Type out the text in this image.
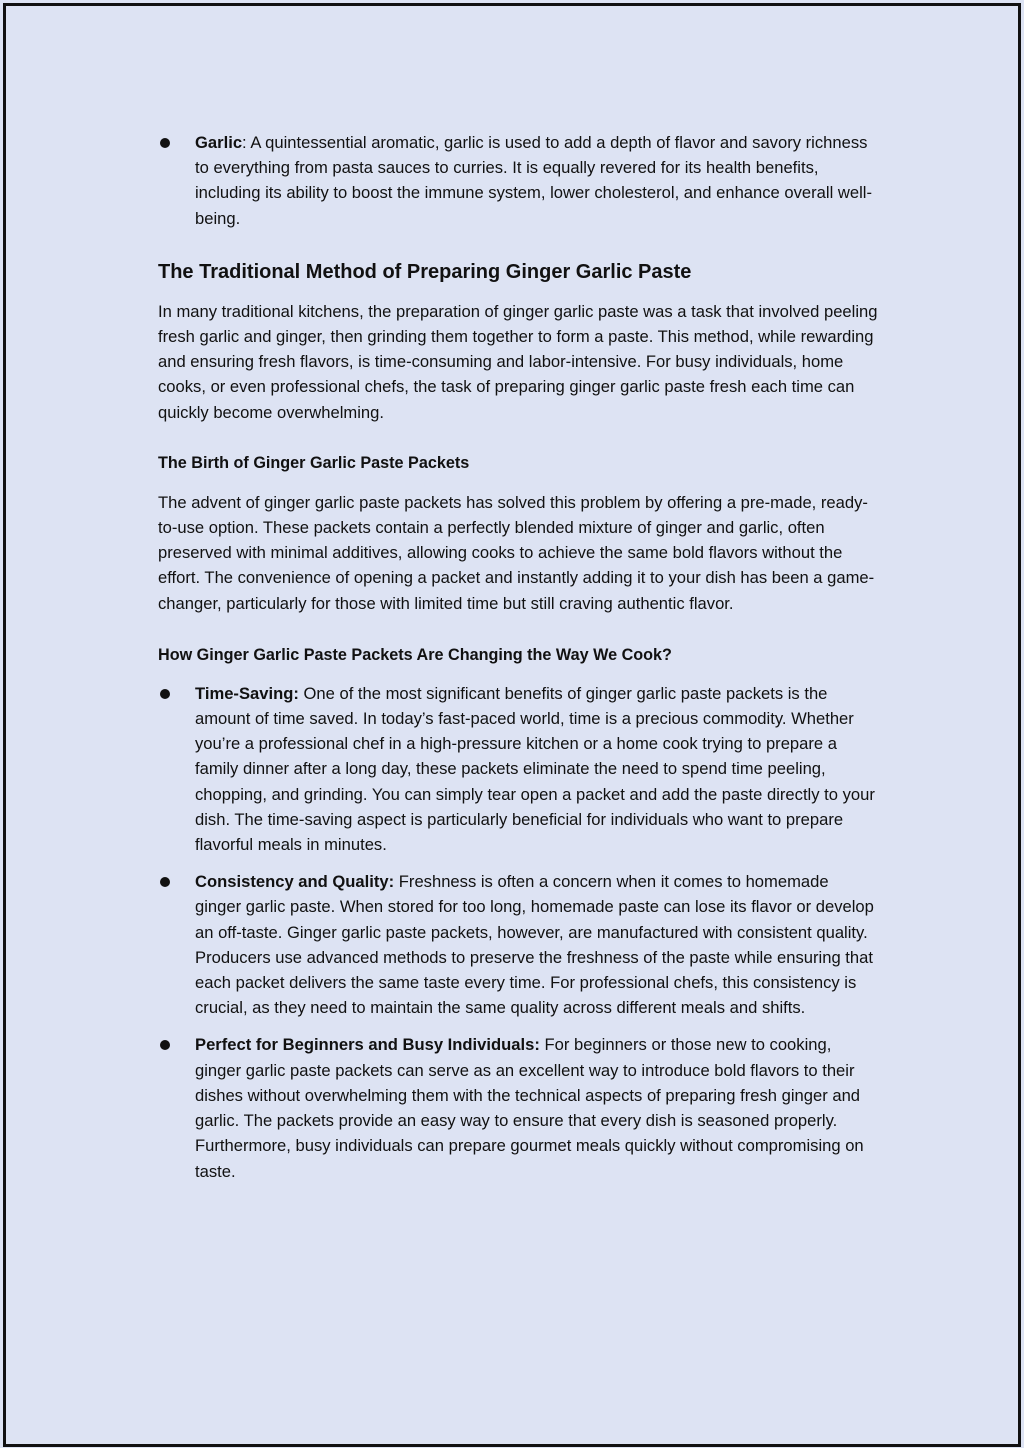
Garlic: A quintessential aromatic, garlic is used to add a depth of flavor and savory richness to everything from pasta sauces to curries. It is equally revered for its health benefits, including its ability to boost the immune system, lower cholesterol, and enhance overall well-being.
The Traditional Method of Preparing Ginger Garlic Paste

In many traditional kitchens, the preparation of ginger garlic paste was a task that involved peeling fresh garlic and ginger, then grinding them together to form a paste. This method, while rewarding and ensuring fresh flavors, is time-consuming and labor-intensive. For busy individuals, home cooks, or even professional chefs, the task of preparing ginger garlic paste fresh each time can quickly become overwhelming.

The Birth of Ginger Garlic Paste Packets

The advent of ginger garlic paste packets has solved this problem by offering a pre-made, ready-to-use option. These packets contain a perfectly blended mixture of ginger and garlic, often preserved with minimal additives, allowing cooks to achieve the same bold flavors without the effort. The convenience of opening a packet and instantly adding it to your dish has been a game-changer, particularly for those with limited time but still craving authentic flavor.

How Ginger Garlic Paste Packets Are Changing the Way We Cook?
Time-Saving: One of the most significant benefits of ginger garlic paste packets is the amount of time saved. In today’s fast-paced world, time is a precious commodity. Whether you’re a professional chef in a high-pressure kitchen or a home cook trying to prepare a family dinner after a long day, these packets eliminate the need to spend time peeling, chopping, and grinding. You can simply tear open a packet and add the paste directly to your dish. The time-saving aspect is particularly beneficial for individuals who want to prepare flavorful meals in minutes.
Consistency and Quality: Freshness is often a concern when it comes to homemade ginger garlic paste. When stored for too long, homemade paste can lose its flavor or develop an off-taste. Ginger garlic paste packets, however, are manufactured with consistent quality. Producers use advanced methods to preserve the freshness of the paste while ensuring that each packet delivers the same taste every time. For professional chefs, this consistency is crucial, as they need to maintain the same quality across different meals and shifts.
Perfect for Beginners and Busy Individuals: For beginners or those new to cooking, ginger garlic paste packets can serve as an excellent way to introduce bold flavors to their dishes without overwhelming them with the technical aspects of preparing fresh ginger and garlic. The packets provide an easy way to ensure that every dish is seasoned properly. Furthermore, busy individuals can prepare gourmet meals quickly without compromising on taste.
